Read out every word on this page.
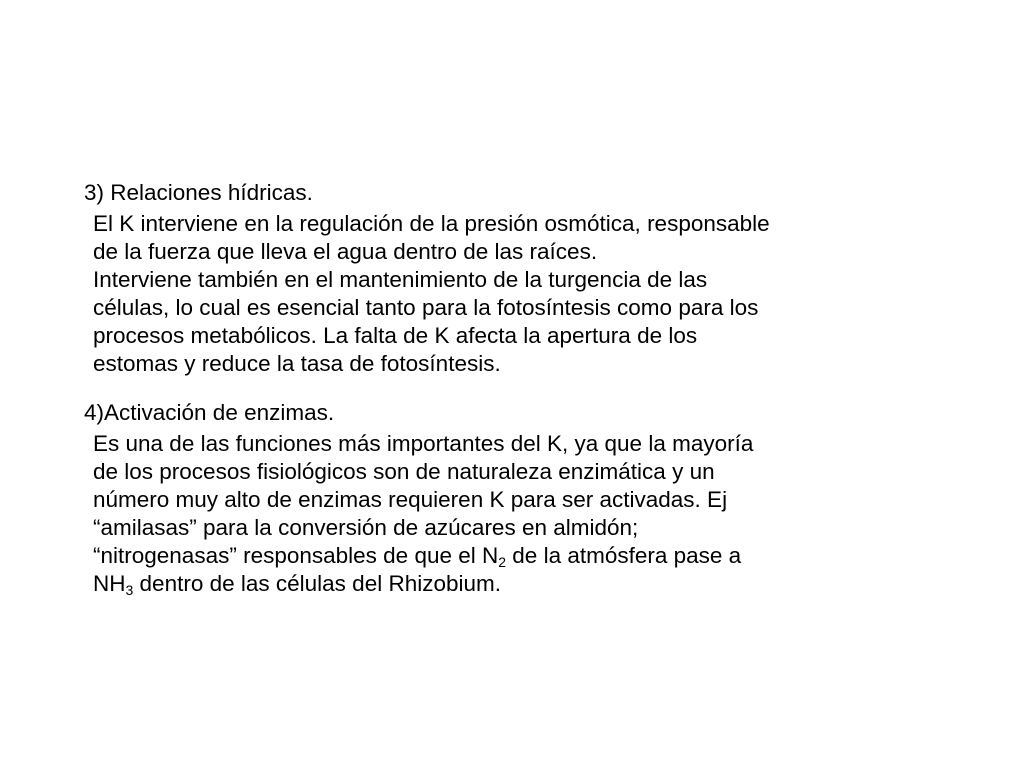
3) Relaciones hídricas.

El K interviene en la regulación de la presión osmótica, responsable
de la fuerza que lleva el agua dentro de las raíces.

Interviene también en el mantenimiento de la turgencia de las
células, lo cual es esencial tanto para la fotosíntesis como para los
procesos metabólicos. La falta de K afecta la apertura de los
estomas y reduce la tasa de fotosíntesis.

4)Activación de enzimas.

Es una de las funciones más importantes del K, ya que la mayoría
de los procesos fisiológicos son de naturaleza enzimática y un
número muy alto de enzimas requieren K para ser activadas. Ej
“amilasas” para la conversión de azúcares en almidón;
“nitrogenasas” responsables de que el $N_2$ de la atmósfera pase a
$NH_3$ dentro de las células del Rhizobium.
